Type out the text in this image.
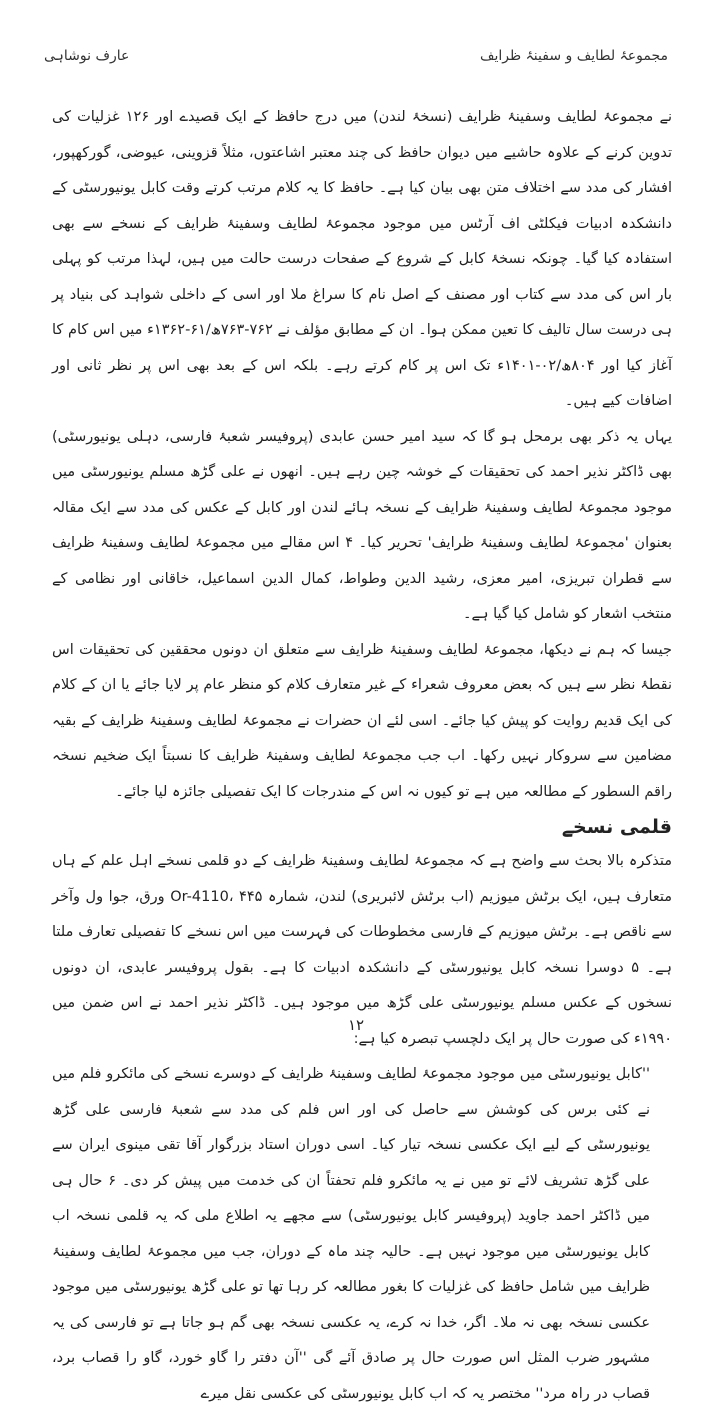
مجموعۂ لطایف و سفینۂ ظرایف
عارف نوشاہی

نے مجموعۂ لطایف وسفینۂ ظرایف (نسخۂ لندن) میں درج حافظ کے ایک قصیدے اور ۱۲۶ غزلیات کی تدوین کرنے کے علاوہ حاشیے میں دیوان حافظ کی چند معتبر اشاعتوں، مثلاً قزوینی، عیوضی، گورکھپور، افشار کی مدد سے اختلاف متن بھی بیان کیا ہے۔ حافظ کا یہ کلام مرتب کرتے وقت کابل یونیورسٹی کے دانشکدہ ادبیات فیکلٹی اف آرٹس میں موجود مجموعۂ لطایف وسفینۂ ظرایف کے نسخے سے بھی استفادہ کیا گیا۔ چونکہ نسخۂ کابل کے شروع کے صفحات درست حالت میں ہیں، لہذا مرتب کو پہلی بار اس کی مدد سے کتاب اور مصنف کے اصل نام کا سراغ ملا اور اسی کے داخلی شواہد کی بنیاد پر ہی درست سال تالیف کا تعین ممکن ہوا۔ ان کے مطابق مؤلف نے ۷۶۲-۷۶۳ھ/۶۱-۱۳۶۲ء میں اس کام کا آغاز کیا اور ۸۰۴ھ/۰۲-۱۴۰۱ء تک اس پر کام کرتے رہے۔ بلکہ اس کے بعد بھی اس پر نظر ثانی اور اضافات کیے ہیں۔

یہاں یہ ذکر بھی برمحل ہو گا کہ سید امیر حسن عابدی (پروفیسر شعبۂ فارسی، دہلی یونیورسٹی) بھی ڈاکٹر نذیر احمد کی تحقیقات کے خوشہ چین رہے ہیں۔ انھوں نے علی گڑھ مسلم یونیورسٹی میں موجود مجموعۂ لطایف وسفینۂ ظرایف کے نسخہ ہائے لندن اور کابل کے عکس کی مدد سے ایک مقالہ بعنوان 'مجموعۂ لطایف وسفینۂ ظرایف' تحریر کیا۔ ۴ اس مقالے میں مجموعۂ لطایف وسفینۂ ظرایف سے قطران تبریزی، امیر معزی، رشید الدین وطواط، کمال الدین اسماعیل، خاقانی اور نظامی کے منتخب اشعار کو شامل کیا گیا ہے۔

جیسا کہ ہم نے دیکھا، مجموعۂ لطایف وسفینۂ ظرایف سے متعلق ان دونوں محققین کی تحقیقات اس نقطۂ نظر سے ہیں کہ بعض معروف شعراء کے غیر متعارف کلام کو منظر عام پر لایا جائے یا ان کے کلام کی ایک قدیم روایت کو پیش کیا جائے۔ اسی لئے ان حضرات نے مجموعۂ لطایف وسفینۂ ظرایف کے بقیہ مضامین سے سروکار نہیں رکھا۔ اب جب مجموعۂ لطایف وسفینۂ ظرایف کا نسبتاً ایک ضخیم نسخہ راقم السطور کے مطالعہ میں ہے تو کیوں نہ اس کے مندرجات کا ایک تفصیلی جائزہ لیا جائے۔

قلمی نسخے

متذکرہ بالا بحث سے واضح ہے کہ مجموعۂ لطایف وسفینۂ ظرایف کے دو قلمی نسخے اہل علم کے ہاں متعارف ہیں، ایک برٹش میوزیم (اب برٹش لائبریری) لندن، شمارہ Or-4110، ۴۴۵ ورق، جوا ول وآخر سے ناقص ہے۔ برٹش میوزیم کے فارسی مخطوطات کی فہرست میں اس نسخے کا تفصیلی تعارف ملتا ہے۔ ۵ دوسرا نسخہ کابل یونیورسٹی کے دانشکدہ ادبیات کا ہے۔ بقول پروفیسر عابدی، ان دونوں نسخوں کے عکس مسلم یونیورسٹی علی گڑھ میں موجود ہیں۔ ڈاکٹر نذیر احمد نے اس ضمن میں ۱۹۹۰ء کی صورت حال پر ایک دلچسپ تبصرہ کیا ہے:

''کابل یونیورسٹی میں موجود مجموعۂ لطایف وسفینۂ ظرایف کے دوسرے نسخے کی مائکرو فلم میں نے کئی برس کی کوشش سے حاصل کی اور اس فلم کی مدد سے شعبۂ فارسی علی گڑھ یونیورسٹی کے لیے ایک عکسی نسخہ تیار کیا۔ اسی دوران استاد بزرگوار آقا تقی مینوی ایران سے علی گڑھ تشریف لائے تو میں نے یہ مائکرو فلم تحفتاً ان کی خدمت میں پیش کر دی۔ ۶ حال ہی میں ڈاکٹر احمد جاوید (پروفیسر کابل یونیورسٹی) سے مجھے یہ اطلاع ملی کہ یہ قلمی نسخہ اب کابل یونیورسٹی میں موجود نہیں ہے۔ حالیہ چند ماہ کے دوران، جب میں مجموعۂ لطایف وسفینۂ ظرایف میں شامل حافظ کی غزلیات کا بغور مطالعہ کر رہا تھا تو علی گڑھ یونیورسٹی میں موجود عکسی نسخہ بھی نہ ملا۔ اگر، خدا نہ کرے، یہ عکسی نسخہ بھی گم ہو جاتا ہے تو فارسی کی یہ مشہور ضرب المثل اس صورت حال پر صادق آئے گی ''آن دفتر را گاو خورد، گاو را قصاب برد، قصاب در راہ مرد'' مختصر یہ کہ اب کابل یونیورسٹی کی عکسی نقل میرے

۱۲
